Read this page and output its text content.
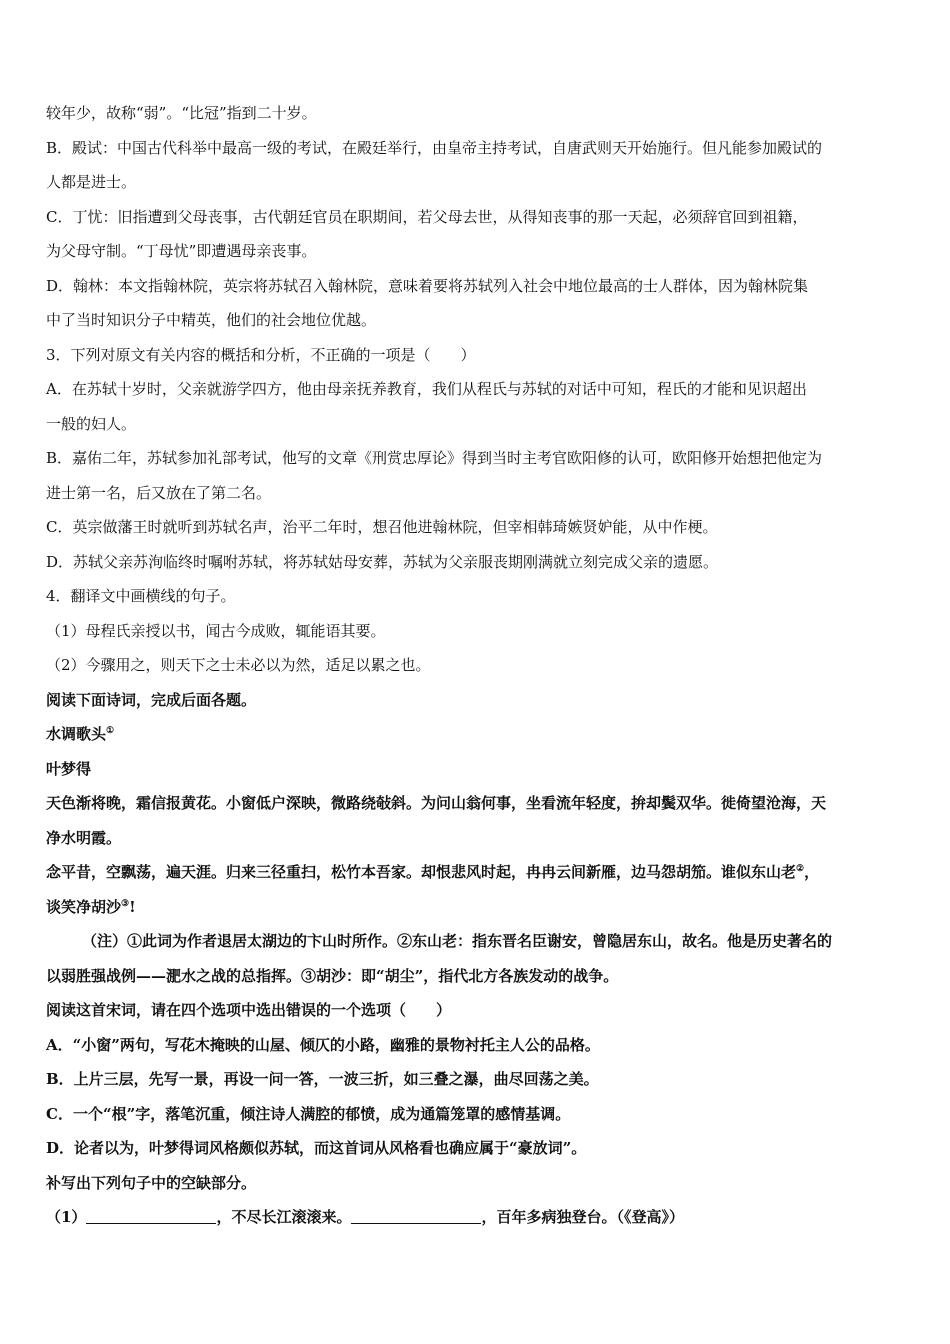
较年少，故称“弱”。“比冠”指到二十岁。
B．殿试：中国古代科举中最高一级的考试，在殿廷举行，由皇帝主持考试，自唐武则天开始施行。但凡能参加殿试的
人都是进士。
C．丁忧：旧指遭到父母丧事，古代朝廷官员在职期间，若父母去世，从得知丧事的那一天起，必须辞官回到祖籍，
为父母守制。“丁母忧”即遭遇母亲丧事。
D．翰林：本文指翰林院，英宗将苏轼召入翰林院，意味着要将苏轼列入社会中地位最高的士人群体，因为翰林院集
中了当时知识分子中精英，他们的社会地位优越。
3．下列对原文有关内容的概括和分析，不正确的一项是（　　）
A．在苏轼十岁时，父亲就游学四方，他由母亲抚养教育，我们从程氏与苏轼的对话中可知，程氏的才能和见识超出
一般的妇人。
B．嘉佑二年，苏轼参加礼部考试，他写的文章《刑赏忠厚论》得到当时主考官欧阳修的认可，欧阳修开始想把他定为
进士第一名，后又放在了第二名。
C．英宗做藩王时就听到苏轼名声，治平二年时，想召他进翰林院，但宰相韩琦嫉贤妒能，从中作梗。
D．苏轼父亲苏洵临终时嘱咐苏轼，将苏轼姑母安葬，苏轼为父亲服丧期刚满就立刻完成父亲的遗愿。
4．翻译文中画横线的句子。
（1）母程氏亲授以书，闻古今成败，辄能语其要。
（2）今骤用之，则天下之士未必以为然，适足以累之也。
阅读下面诗词，完成后面各题。
水调歌头①
叶梦得
天色渐将晚，霜信报黄花。小窗低户深映，微路绕敧斜。为问山翁何事，坐看流年轻度，拚却鬓双华。徙倚望沧海，天
净水明霞。
念平昔，空飘荡，遍天涯。归来三径重扫，松竹本吾家。却恨悲风时起，冉冉云间新雁，边马怨胡笳。谁似东山老②，
谈笑净胡沙③!
（注）①此词为作者退居太湖边的卞山时所作。②东山老：指东晋名臣谢安，曾隐居东山，故名。他是历史著名的
以弱胜强战例——淝水之战的总指挥。③胡沙：即“胡尘”，指代北方各族发动的战争。
阅读这首宋词，请在四个选项中选出错误的一个选项（　　）
A．“小窗”两句，写花木掩映的山屋、倾仄的小路，幽雅的景物衬托主人公的品格。
B．上片三层，先写一景，再设一问一答，一波三折，如三叠之瀑，曲尽回荡之美。
C．一个“根”字，落笔沉重，倾注诗人满腔的郁愤，成为通篇笼罩的感情基调。
D．论者以为，叶梦得词风格颇似苏轼，而这首词从风格看也确应属于“豪放词”。
补写出下列句子中的空缺部分。
（1）	，不尽长江滚滚来。	，百年多病独登台。（《登高》）
